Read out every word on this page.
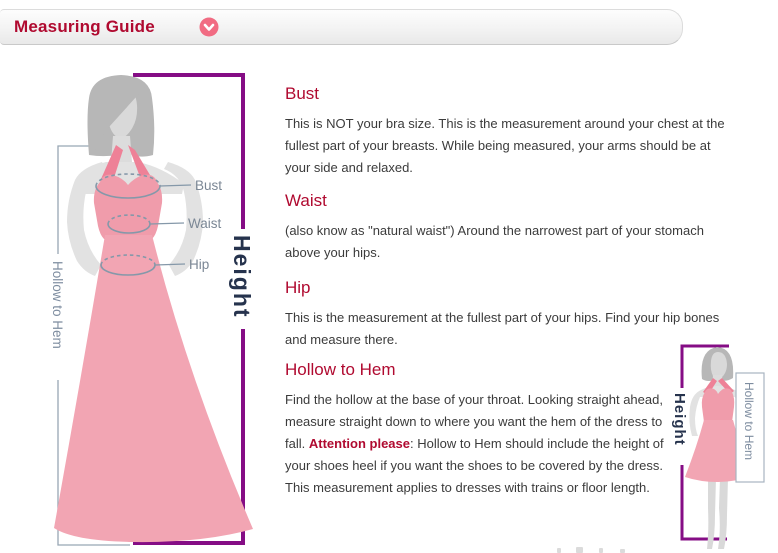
Measuring Guide
Bust
Waist
Hip Height
Hollow to Hem
Bust

This is NOT your bra size. This is the measurement around your chest at the fullest part of your breasts. While being measured, your arms should be at your side and relaxed.

Waist

(also know as "natural waist") Around the narrowest part of your stomach above your hips.

Hip

This is the measurement at the fullest part of your hips. Find your hip bones and measure there.

Hollow to Hem

Find the hollow at the base of your throat. Looking straight ahead, measure straight down to where you want the hem of the dress to fall. Attention please: Hollow to Hem should include the height of your shoes heel if you want the shoes to be covered by the dress. This measurement applies to dresses with trains or floor length.

Hollow to Hem
Height
